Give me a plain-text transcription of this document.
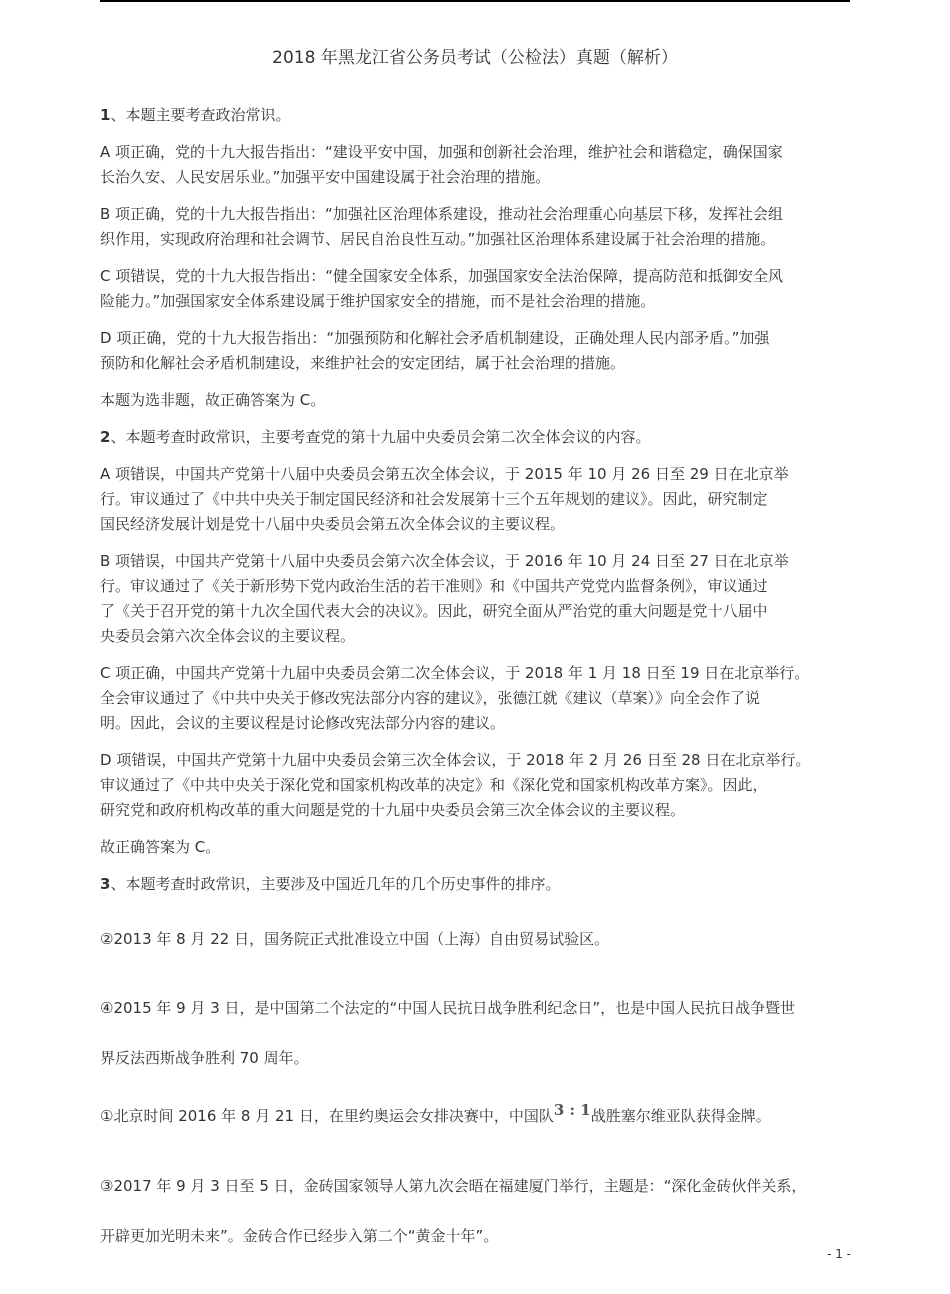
2018 年黑龙江省公务员考试（公检法）真题（解析）

1、本题主要考查政治常识。

A 项正确，党的十九大报告指出：“建设平安中国，加强和创新社会治理，维护社会和谐稳定，确保国家
长治久安、人民安居乐业。”加强平安中国建设属于社会治理的措施。

B 项正确，党的十九大报告指出：“加强社区治理体系建设，推动社会治理重心向基层下移，发挥社会组
织作用，实现政府治理和社会调节、居民自治良性互动。”加强社区治理体系建设属于社会治理的措施。

C 项错误，党的十九大报告指出：“健全国家安全体系，加强国家安全法治保障，提高防范和抵御安全风
险能力。”加强国家安全体系建设属于维护国家安全的措施，而不是社会治理的措施。

D 项正确，党的十九大报告指出：“加强预防和化解社会矛盾机制建设，正确处理人民内部矛盾。”加强
预防和化解社会矛盾机制建设，来维护社会的安定团结，属于社会治理的措施。

本题为选非题，故正确答案为 C。

2、本题考查时政常识，主要考查党的第十九届中央委员会第二次全体会议的内容。

A 项错误，中国共产党第十八届中央委员会第五次全体会议，于 2015 年 10 月 26 日至 29 日在北京举
行。审议通过了《中共中央关于制定国民经济和社会发展第十三个五年规划的建议》。因此，研究制定
国民经济发展计划是党十八届中央委员会第五次全体会议的主要议程。

B 项错误，中国共产党第十八届中央委员会第六次全体会议，于 2016 年 10 月 24 日至 27 日在北京举
行。审议通过了《关于新形势下党内政治生活的若干准则》和《中国共产党党内监督条例》，审议通过
了《关于召开党的第十九次全国代表大会的决议》。因此，研究全面从严治党的重大问题是党十八届中
央委员会第六次全体会议的主要议程。

C 项正确，中国共产党第十九届中央委员会第二次全体会议，于 2018 年 1 月 18 日至 19 日在北京举行。
全会审议通过了《中共中央关于修改宪法部分内容的建议》，张德江就《建议（草案）》向全会作了说
明。因此，会议的主要议程是讨论修改宪法部分内容的建议。

D 项错误，中国共产党第十九届中央委员会第三次全体会议，于 2018 年 2 月 26 日至 28 日在北京举行。
审议通过了《中共中央关于深化党和国家机构改革的决定》和《深化党和国家机构改革方案》。因此，
研究党和政府机构改革的重大问题是党的十九届中央委员会第三次全体会议的主要议程。

故正确答案为 C。

3、本题考查时政常识，主要涉及中国近几年的几个历史事件的排序。

②2013 年 8 月 22 日，国务院正式批准设立中国（上海）自由贸易试验区。

④2015 年 9 月 3 日，是中国第二个法定的“中国人民抗日战争胜利纪念日”，也是中国人民抗日战争暨世
界反法西斯战争胜利 70 周年。

①北京时间 2016 年 8 月 21 日，在里约奥运会女排决赛中，中国队3 : 1战胜塞尔维亚队获得金牌。

③2017 年 9 月 3 日至 5 日，金砖国家领导人第九次会晤在福建厦门举行，主题是：“深化金砖伙伴关系，
开辟更加光明未来”。金砖合作已经步入第二个“黄金十年”。

- 1 -
